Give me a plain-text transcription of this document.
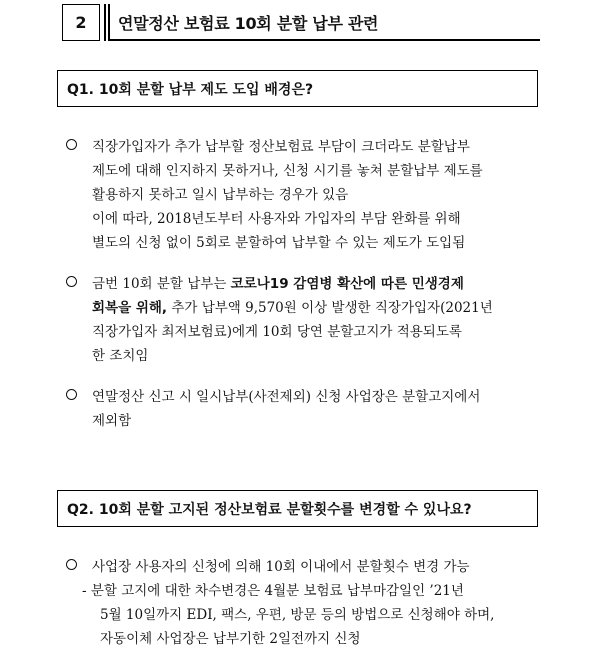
2	연말정산 보험료 10회 분할 납부 관련
Q1. 10회 분할 납부 제도 도입 배경은?
직장가입자가 추가 납부할 정산보험료 부담이 크더라도 분할납부
제도에 대해 인지하지 못하거나, 신청 시기를 놓쳐 분할납부 제도를
활용하지 못하고 일시 납부하는 경우가 있음
이에 따라, 2018년도부터 사용자와 가입자의 부담 완화를 위해
별도의 신청 없이 5회로 분할하여 납부할 수 있는 제도가 도입됨
금번 10회 분할 납부는 코로나19 감염병 확산에 따른 민생경제
회복을 위해, 추가 납부액 9,570원 이상 발생한 직장가입자(2021년
직장가입자 최저보험료)에게 10회 당연 분할고지가 적용되도록
한 조치임
연말정산 신고 시 일시납부(사전제외) 신청 사업장은 분할고지에서
제외함
Q2. 10회 분할 고지된 정산보험료 분할횟수를 변경할 수 있나요?
사업장 사용자의 신청에 의해 10회 이내에서 분할횟수 변경 가능
- 분할 고지에 대한 차수변경은 4월분 보험료 납부마감일인 ’21년
5월 10일까지 EDI, 팩스, 우편, 방문 등의 방법으로 신청해야 하며,
자동이체 사업장은 납부기한 2일전까지 신청
